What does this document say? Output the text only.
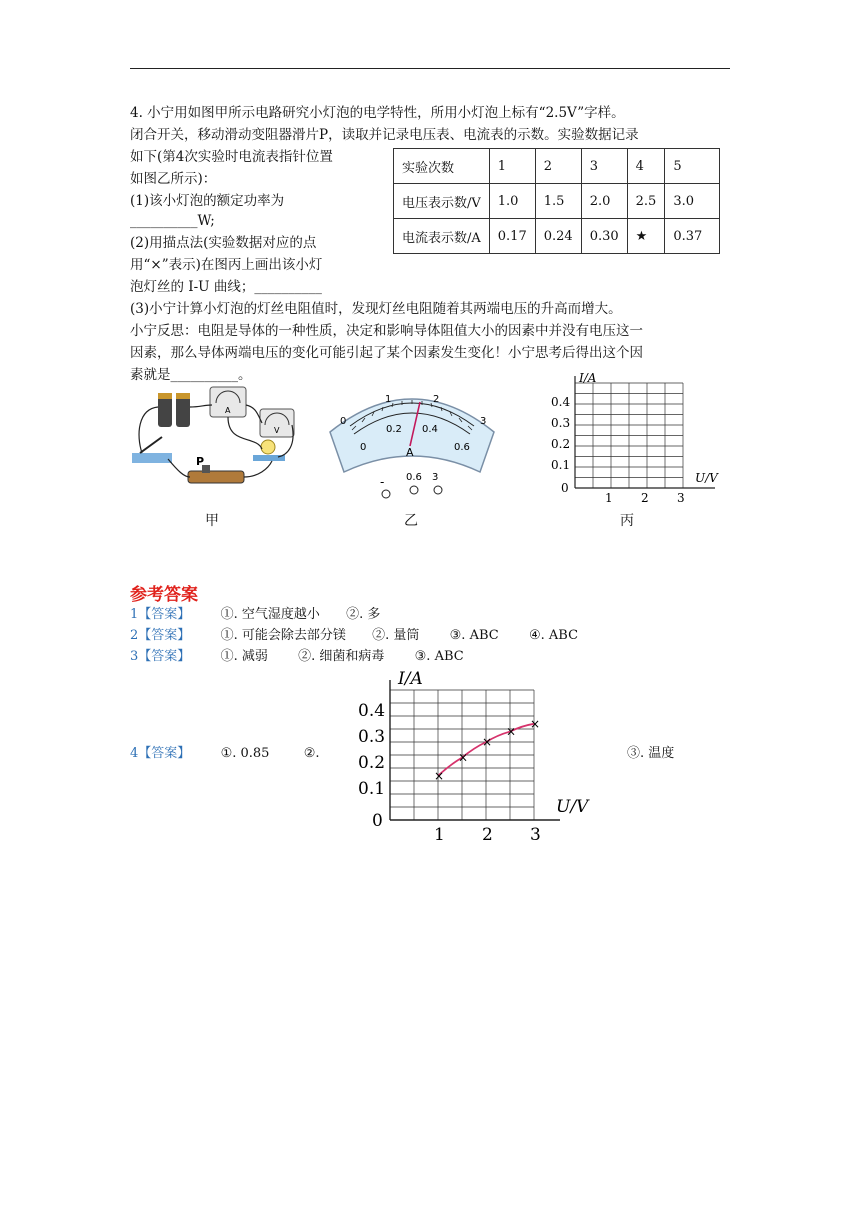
4. 小宁用如图甲所示电路研究小灯泡的电学特性，所用小灯泡上标有“2.5V”字样。
闭合开关，移动滑动变阻器滑片P，读取并记录电压表、电流表的示数。实验数据记录
如下(第4次实验时电流表指针位置
如图乙所示)：
(1)该小灯泡的额定功率为
__________W;
(2)用描点法(实验数据对应的点
用“×”表示)在图丙上画出该小灯
泡灯丝的 I-U 曲线；__________
(3)小宁计算小灯泡的灯丝电阻值时，发现灯丝电阻随着其两端电压的升高而增大。
小宁反思：电阻是导体的一种性质，决定和影响导体阻值大小的因素中并没有电压这一
因素，那么导体两端电压的变化可能引起了某个因素发生变化！小宁思考后得出这个因
素就是__________。
实验次数	1	2	3	4	5
电压表示数/V	1.0	1.5	2.0	2.5	3.0
电流表示数/A	0.17	0.24	0.30	★	0.37
A
V
P
甲
0
1	2
3
0
0.2 0.4
0.6
A
- 0.6 3
乙
I/A
U/V
0.4
0.3
0.2
0.1
0
1 2 3
丙
参考答案
1【答案】 ①. 空气湿度越小 ②. 多
2【答案】 ①. 可能会除去部分镁 ②. 量筒 ③. ABC ④. ABC
3【答案】 ①. 减弱 ②. 细菌和病毒 ③. ABC
4【答案】 ①. 0.85	②.	③. 温度
I/A
U/V
0.4
0.3
0.2
0.1
0
1 2 3
×
×
×
×
×
